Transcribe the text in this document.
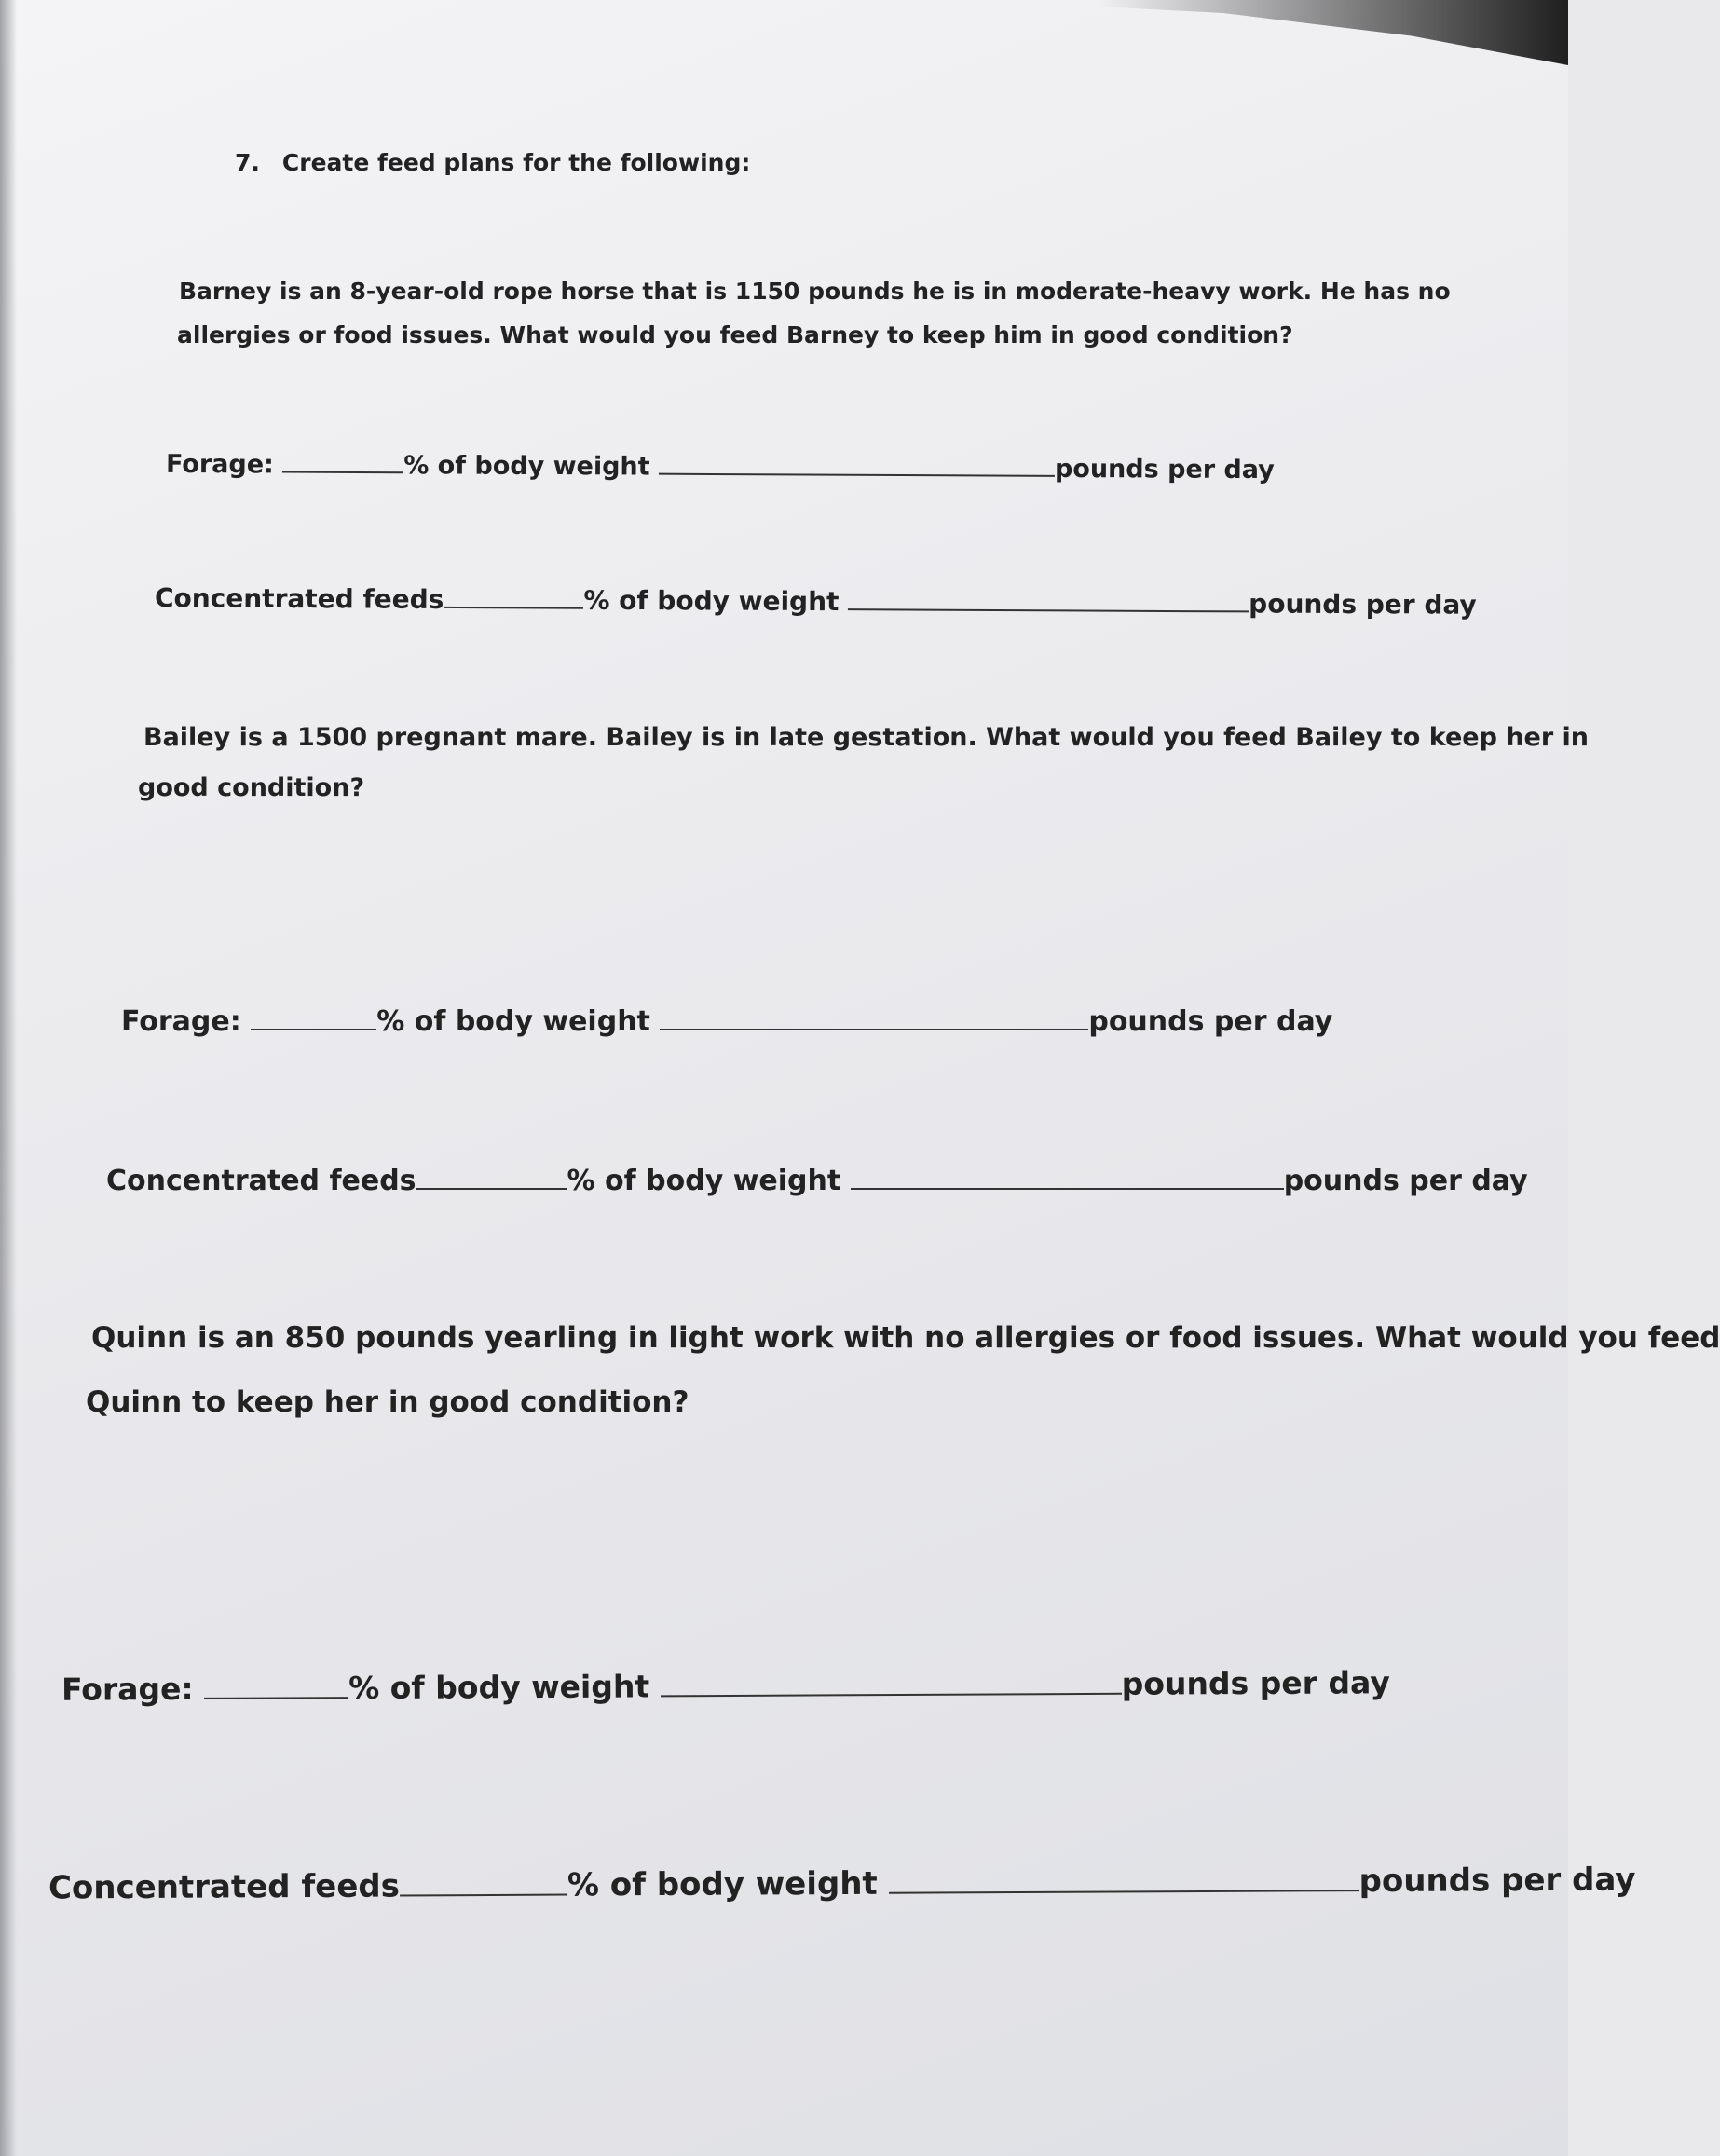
7. Create feed plans for the following:
Barney is an 8-year-old rope horse that is 1150 pounds he is in moderate-heavy work. He has no
allergies or food issues. What would you feed Barney to keep him in good condition?
Forage:	% of body weight	pounds per day
Concentrated feeds	% of body weight	pounds per day
Bailey is a 1500 pregnant mare. Bailey is in late gestation. What would you feed Bailey to keep her in
good condition?
Forage:	% of body weight	pounds per day
Concentrated feeds	% of body weight	pounds per day
Quinn is an 850 pounds yearling in light work with no allergies or food issues. What would you feed
Quinn to keep her in good condition?
Forage:	% of body weight	pounds per day
Concentrated feeds	% of body weight	pounds per day
